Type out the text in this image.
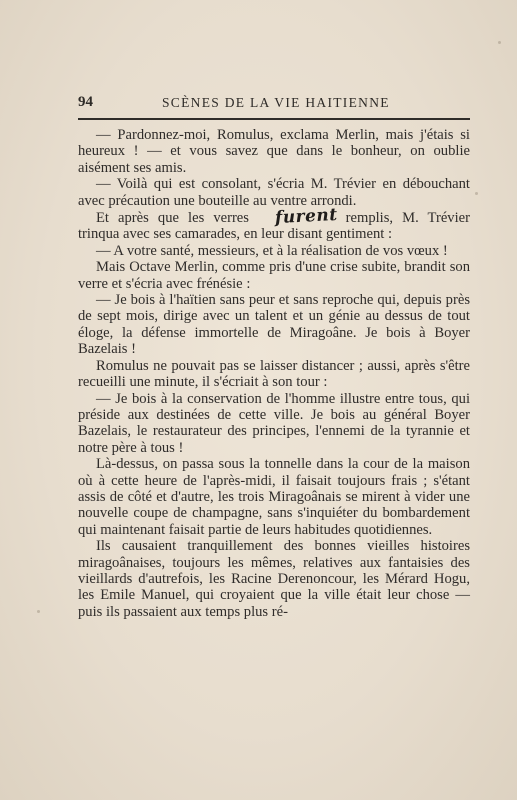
94	SCÈNES DE LA VIE HAITIENNE

— Pardonnez-moi, Romulus, exclama Merlin, mais j'étais si heureux ! — et vous savez que dans le bonheur, on oublie aisément ses amis.

— Voilà qui est consolant, s'écria M. Trévier en débouchant avec précaution une bouteille au ventre arrondi.

Et après que les verres furent remplis, M. Trévier trinqua avec ses camarades, en leur disant gentiment :

— A votre santé, messieurs, et à la réalisation de vos vœux !

Mais Octave Merlin, comme pris d'une crise subite, brandit son verre et s'écria avec frénésie :

— Je bois à l'haïtien sans peur et sans reproche qui, depuis près de sept mois, dirige avec un talent et un génie au dessus de tout éloge, la défense immortelle de Miragoâne. Je bois à Boyer Bazelais !

Romulus ne pouvait pas se laisser distancer ; aussi, après s'être recueilli une minute, il s'écriait à son tour :

— Je bois à la conservation de l'homme illustre entre tous, qui préside aux destinées de cette ville. Je bois au général Boyer Bazelais, le restaurateur des principes, l'ennemi de la tyrannie et notre père à tous !

Là-dessus, on passa sous la tonnelle dans la cour de la maison où à cette heure de l'après-midi, il faisait toujours frais ; s'étant assis de côté et d'autre, les trois Miragoânais se mirent à vider une nouvelle coupe de champagne, sans s'inquiéter du bombardement qui maintenant faisait partie de leurs habitudes quotidiennes.

Ils causaient tranquillement des bonnes vieilles histoires miragoânaises, toujours les mêmes, relatives aux fantaisies des vieillards d'autrefois, les Racine Derenoncour, les Mérard Hogu, les Emile Manuel, qui croyaient que la ville était leur chose — puis ils passaient aux temps plus ré-
